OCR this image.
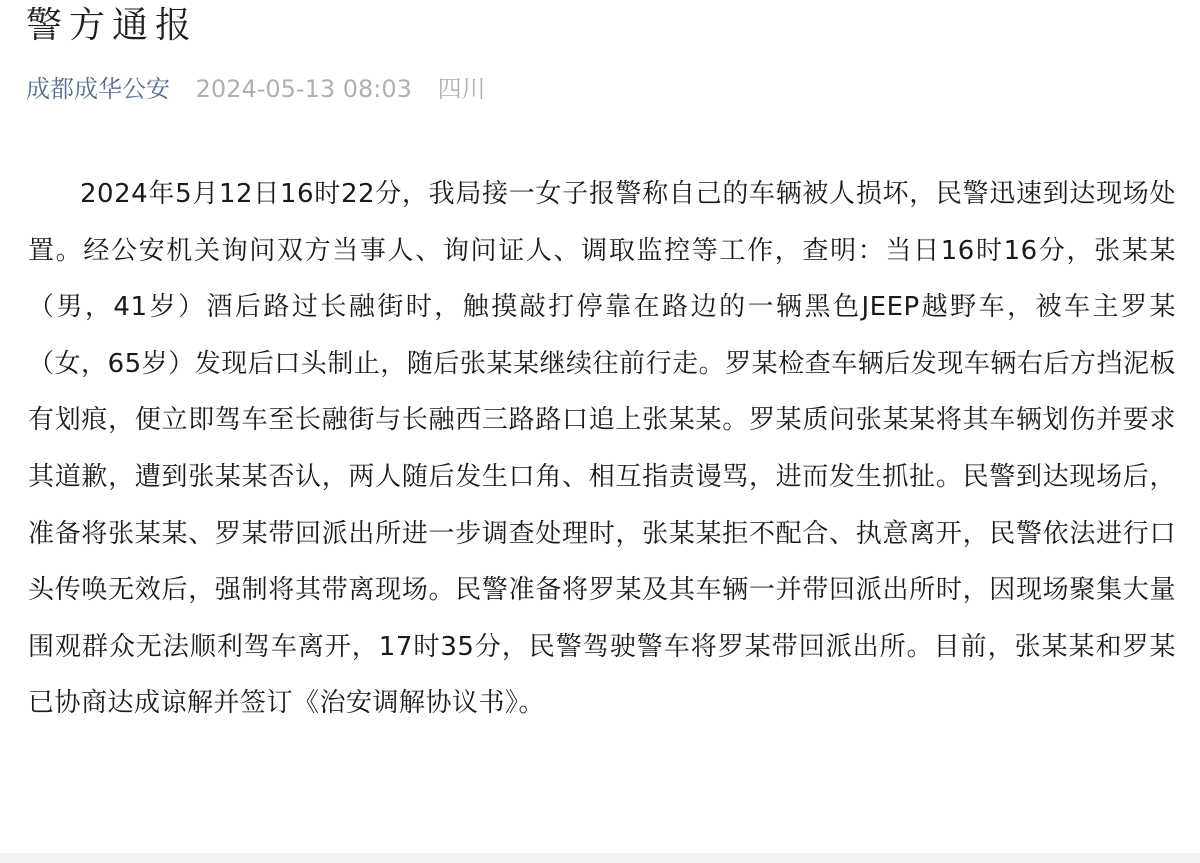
警方通报
成都成华公安 2024-05-13 08:03 四川

2024年5月12日16时22分，我局接一女子报警称自己的车辆被人损坏，民警迅速到达现场处置。经公安机关询问双方当事人、询问证人、调取监控等工作，查明：当日16时16分，张某某（男，41岁）酒后路过长融街时，触摸敲打停靠在路边的一辆黑色JEEP越野车，被车主罗某（女，65岁）发现后口头制止，随后张某某继续往前行走。罗某检查车辆后发现车辆右后方挡泥板有划痕，便立即驾车至长融街与长融西三路路口追上张某某。罗某质问张某某将其车辆划伤并要求其道歉，遭到张某某否认，两人随后发生口角、相互指责谩骂，进而发生抓扯。民警到达现场后，准备将张某某、罗某带回派出所进一步调查处理时，张某某拒不配合、执意离开，民警依法进行口头传唤无效后，强制将其带离现场。民警准备将罗某及其车辆一并带回派出所时，因现场聚集大量围观群众无法顺利驾车离开，17时35分，民警驾驶警车将罗某带回派出所。目前，张某某和罗某已协商达成谅解并签订《治安调解协议书》。
